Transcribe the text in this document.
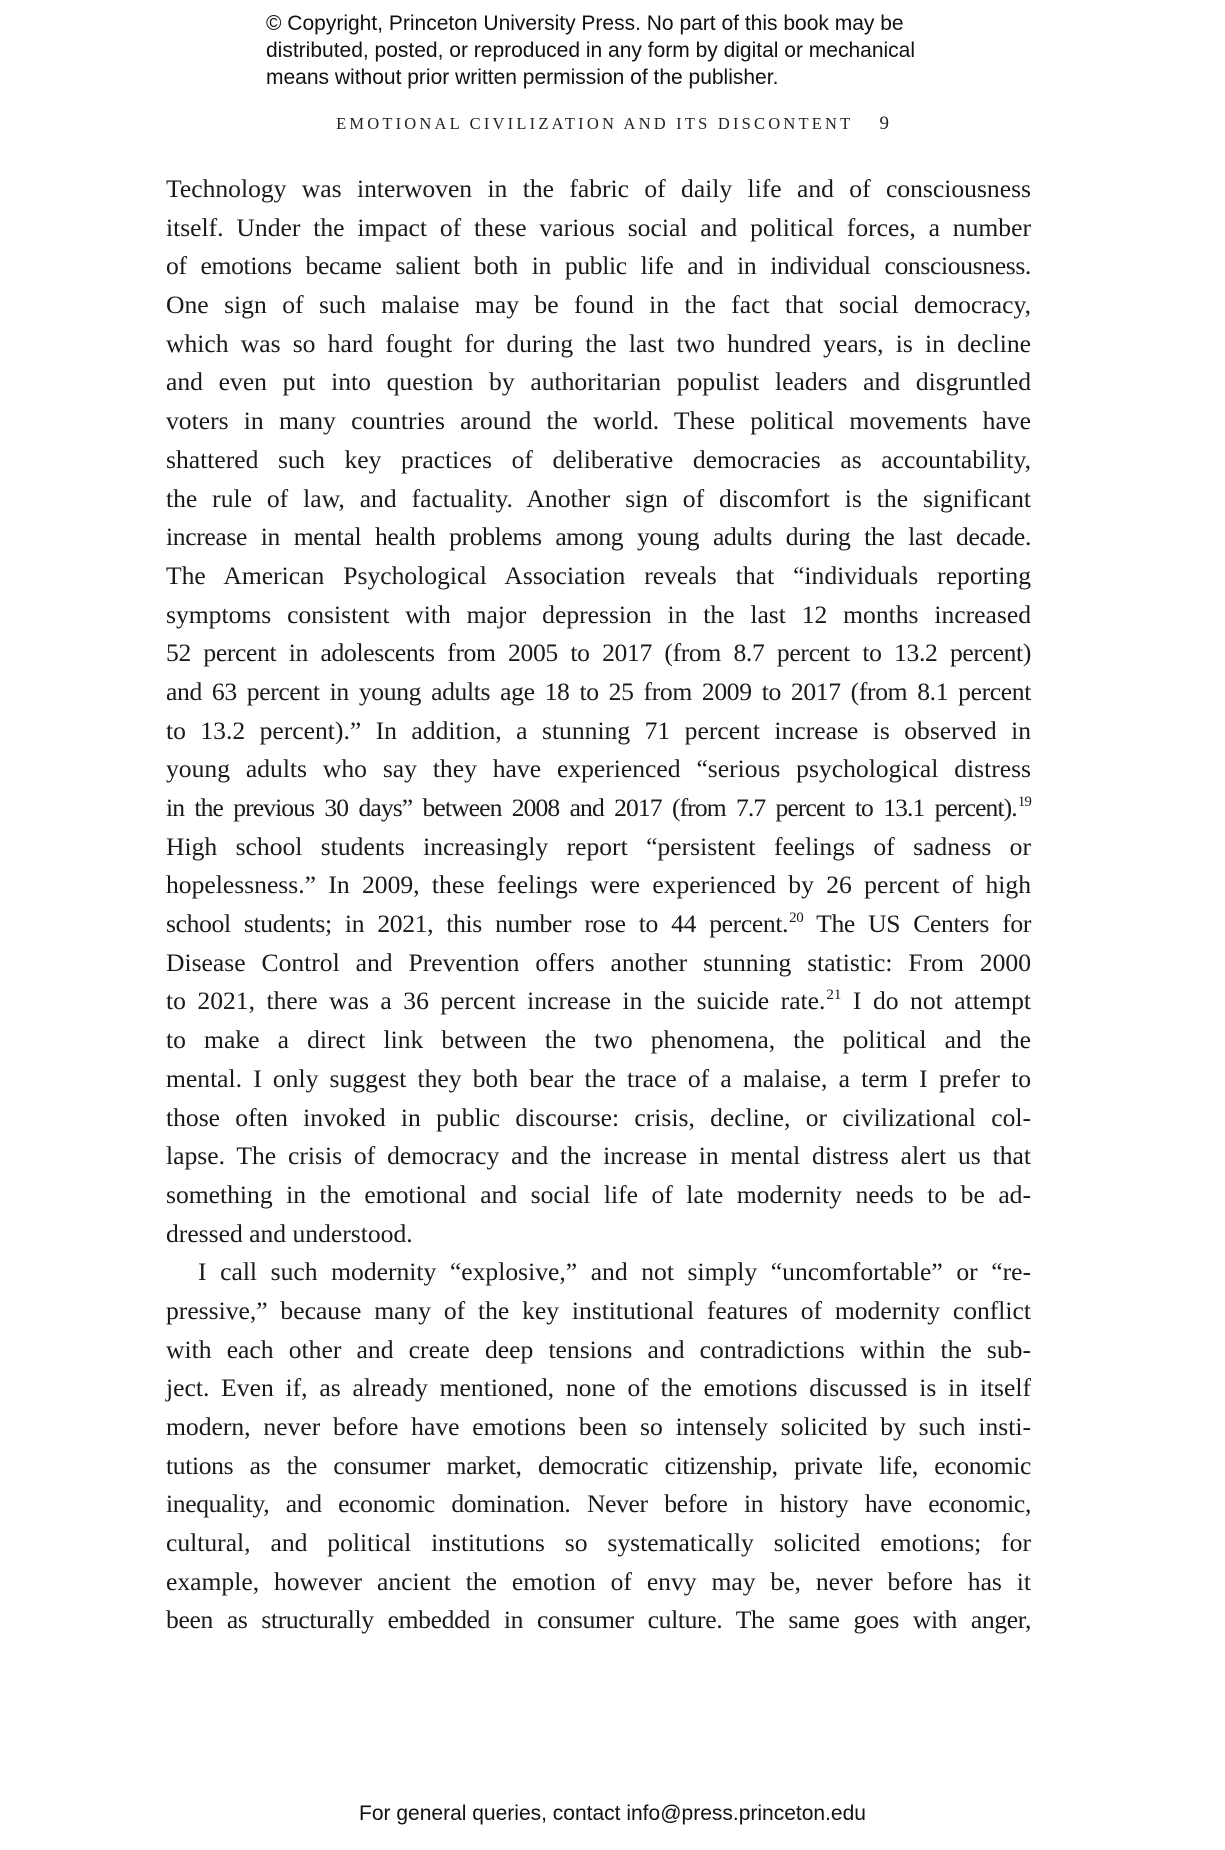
© Copyright, Princeton University Press. No part of this book may be
distributed, posted, or reproduced in any form by digital or mechanical
means without prior written permission of the publisher.
EMOTIONAL CIVILIZATION AND ITS DISCONTENT 9
Technology was interwoven in the fabric of daily life and of consciousness
itself. Under the impact of these various social and political forces, a number
of emotions became salient both in public life and in individual consciousness.
One sign of such malaise may be found in the fact that social democracy,
which was so hard fought for during the last two hundred years, is in decline
and even put into question by authoritarian populist leaders and disgruntled
voters in many countries around the world. These political movements have
shattered such key practices of deliberative democracies as accountability,
the rule of law, and factuality. Another sign of discomfort is the significant
increase in mental health problems among young adults during the last decade.
The American Psychological Association reveals that “individuals reporting
symptoms consistent with major depression in the last 12 months increased
52 percent in adolescents from 2005 to 2017 (from 8.7 percent to 13.2 percent)
and 63 percent in young adults age 18 to 25 from 2009 to 2017 (from 8.1 percent
to 13.2 percent).” In addition, a stunning 71 percent increase is observed in
young adults who say they have experienced “serious psychological distress
in the previous 30 days” between 2008 and 2017 (from 7.7 percent to 13.1 percent).$^{19}$
High school students increasingly report “persistent feelings of sadness or
hopelessness.” In 2009, these feelings were experienced by 26 percent of high
school students; in 2021, this number rose to 44 percent.$^{20}$ The US Centers for
Disease Control and Prevention offers another stunning statistic: From 2000
to 2021, there was a 36 percent increase in the suicide rate.$^{21}$ I do not attempt
to make a direct link between the two phenomena, the political and the
mental. I only suggest they both bear the trace of a malaise, a term I prefer to
those often invoked in public discourse: crisis, decline, or civilizational col-
lapse. The crisis of democracy and the increase in mental distress alert us that
something in the emotional and social life of late modernity needs to be ad-
dressed and understood.
I call such modernity “explosive,” and not simply “uncomfortable” or “re-
pressive,” because many of the key institutional features of modernity conflict
with each other and create deep tensions and contradictions within the sub-
ject. Even if, as already mentioned, none of the emotions discussed is in itself
modern, never before have emotions been so intensely solicited by such insti-
tutions as the consumer market, democratic citizenship, private life, economic
inequality, and economic domination. Never before in history have economic,
cultural, and political institutions so systematically solicited emotions; for
example, however ancient the emotion of envy may be, never before has it
been as structurally embedded in consumer culture. The same goes with anger,
For general queries, contact info@press.princeton.edu
